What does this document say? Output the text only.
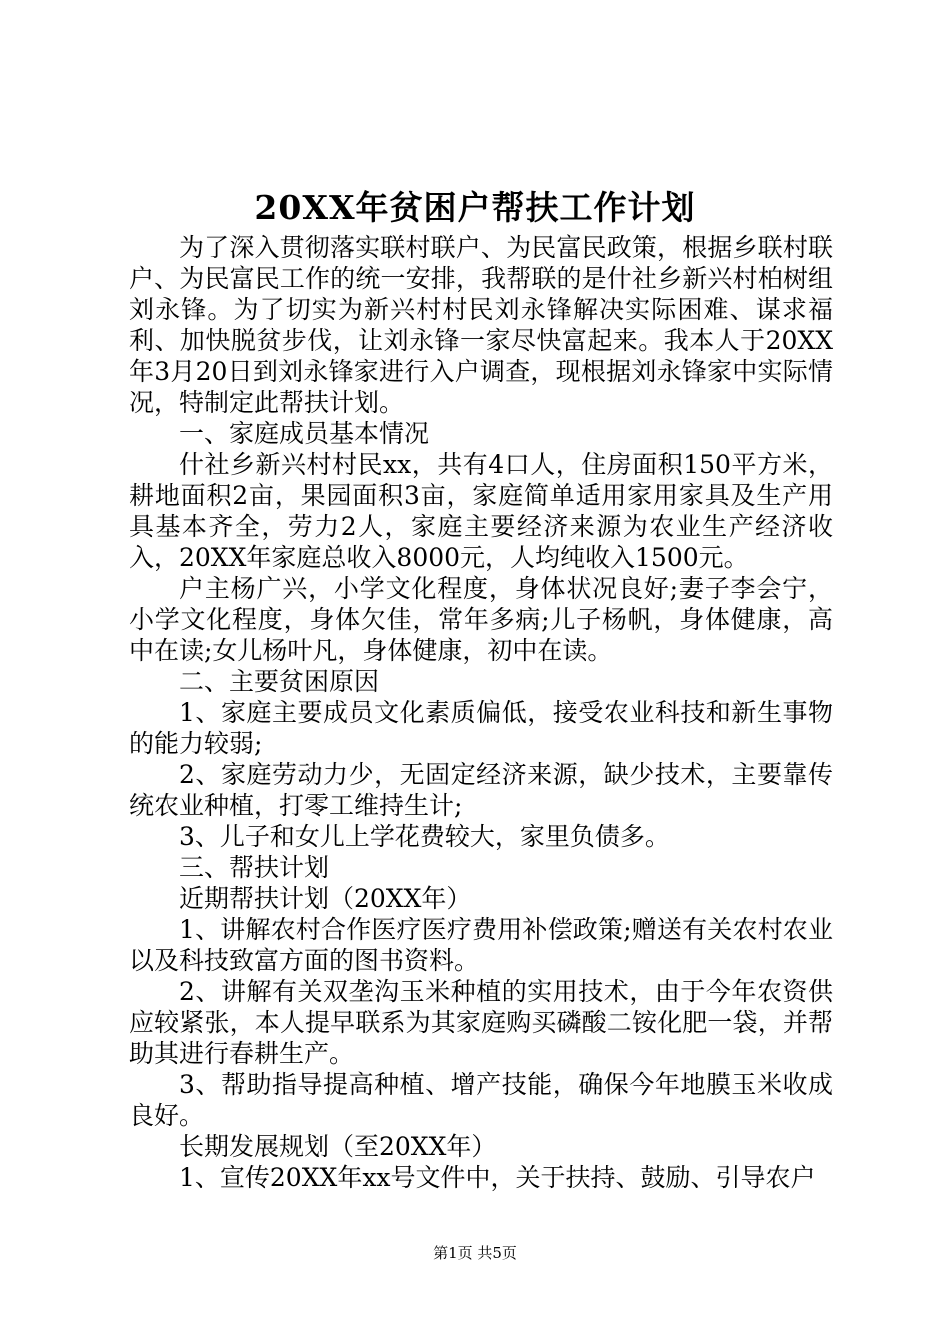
20XX年贫困户帮扶工作计划

为了深入贯彻落实联村联户、为民富民政策，根据乡联村联户、为民富民工作的统一安排，我帮联的是什社乡新兴村柏树组刘永锋。为了切实为新兴村村民刘永锋解决实际困难、谋求福利、加快脱贫步伐，让刘永锋一家尽快富起来。我本人于20XX年3月20日到刘永锋家进行入户调查，现根据刘永锋家中实际情况，特制定此帮扶计划。

一、家庭成员基本情况

什社乡新兴村村民xx，共有4口人，住房面积150平方米，耕地面积2亩，果园面积3亩，家庭简单适用家用家具及生产用具基本齐全，劳力2人，家庭主要经济来源为农业生产经济收入，20XX年家庭总收入8000元，人均纯收入1500元。

户主杨广兴，小学文化程度，身体状况良好;妻子李会宁，小学文化程度，身体欠佳，常年多病;儿子杨帆，身体健康，高中在读;女儿杨叶凡，身体健康，初中在读。

二、主要贫困原因

1、家庭主要成员文化素质偏低，接受农业科技和新生事物的能力较弱;

2、家庭劳动力少，无固定经济来源，缺少技术，主要靠传统农业种植，打零工维持生计;

3、儿子和女儿上学花费较大，家里负债多。

三、帮扶计划

近期帮扶计划（20XX年）

1、讲解农村合作医疗医疗费用补偿政策;赠送有关农村农业以及科技致富方面的图书资料。

2、讲解有关双垄沟玉米种植的实用技术，由于今年农资供应较紧张，本人提早联系为其家庭购买磷酸二铵化肥一袋，并帮助其进行春耕生产。

3、帮助指导提高种植、增产技能，确保今年地膜玉米收成良好。

长期发展规划（至20XX年）

1、宣传20XX年xx号文件中，关于扶持、鼓励、引导农户

第1页 共5页
